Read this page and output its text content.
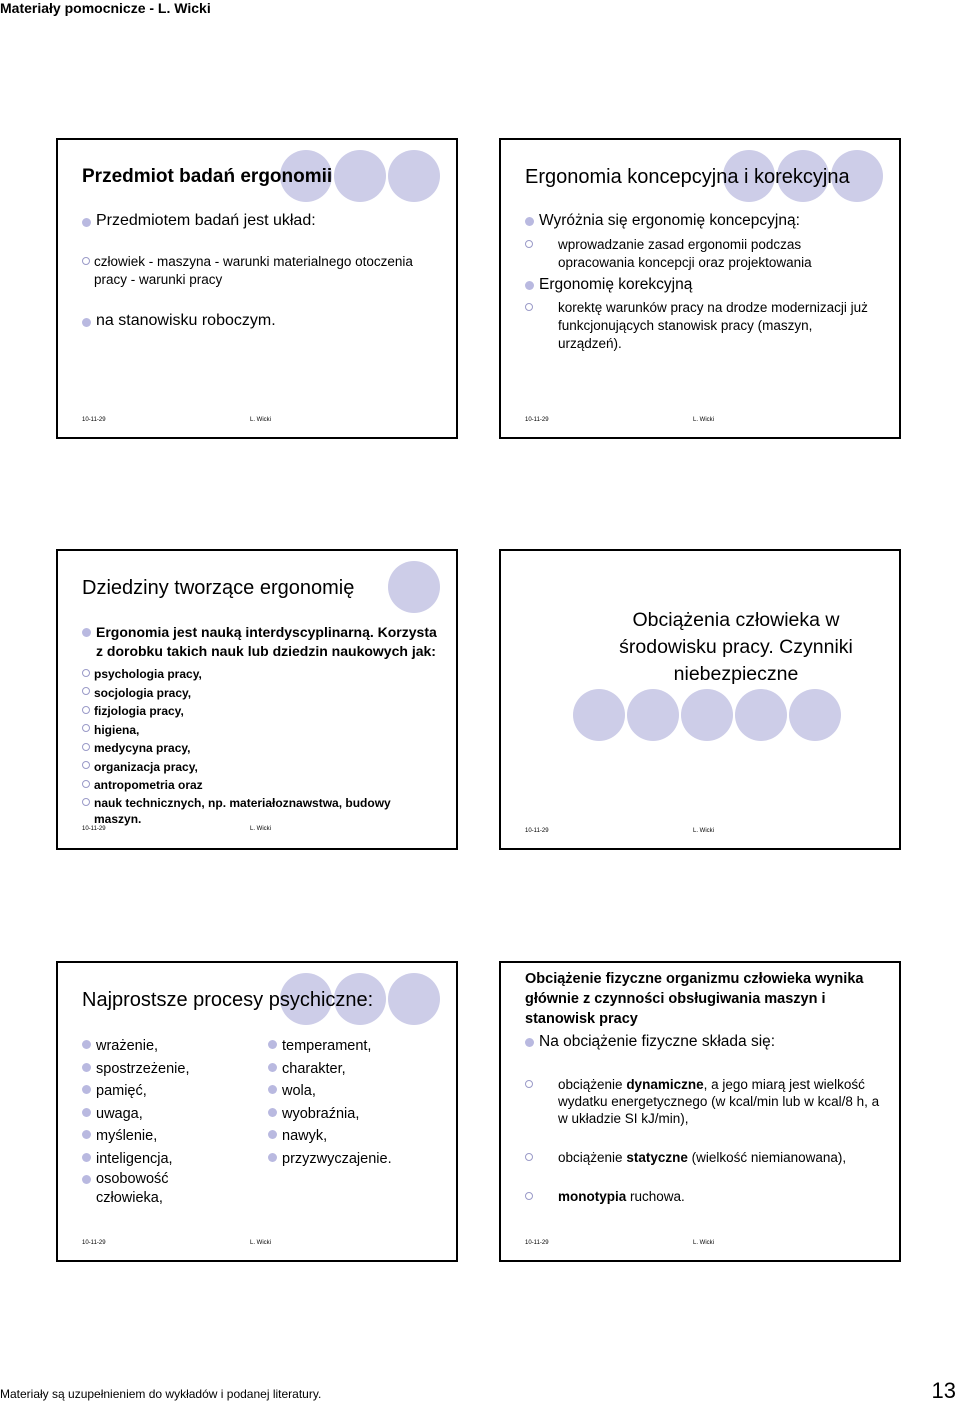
Materiały pomocnicze - L. Wicki
Przedmiot badań ergonomii
Przedmiotem badań jest układ:
człowiek - maszyna - warunki materialnego otoczenia pracy - warunki pracy
na stanowisku roboczym.
10-11-29	L. Wicki
Ergonomia koncepcyjna i korekcyjna
Wyróżnia się ergonomię koncepcyjną:
wprowadzanie zasad ergonomii podczas opracowania koncepcji oraz projektowania
Ergonomię korekcyjną
korektę warunków pracy na drodze modernizacji już funkcjonujących stanowisk pracy (maszyn, urządzeń).
10-11-29	L. Wicki
Dziedziny tworzące ergonomię
Ergonomia jest nauką interdyscyplinarną. Korzysta z dorobku takich nauk lub dziedzin naukowych jak:
psychologia pracy,
socjologia pracy,
fizjologia pracy,
higiena,
medycyna pracy,
organizacja pracy,
antropometria oraz
nauk technicznych, np. materiałoznawstwa, budowy maszyn.
10-11-29	L. Wicki
Obciążenia człowieka w środowisku pracy. Czynniki niebezpieczne
10-11-29	L. Wicki
Najprostsze procesy psychiczne:
wrażenie,
spostrzeżenie,
pamięć,
uwaga,
myślenie,
inteligencja,
osobowość człowieka,
temperament,
charakter,
wola,
wyobraźnia,
nawyk,
przyzwyczajenie.
10-11-29	L. Wicki
Obciążenie fizyczne organizmu człowieka wynika głównie z czynności obsługiwania maszyn i stanowisk pracy
Na obciążenie fizyczne składa się:
obciążenie dynamiczne, a jego miarą jest wielkość wydatku energetycznego (w kcal/min lub w kcal/8 h, a w układzie SI kJ/min),
obciążenie statyczne (wielkość niemianowana),
monotypia ruchowa.
10-11-29	L. Wicki
Materiały są uzupełnieniem do wykładów i podanej literatury.	13
